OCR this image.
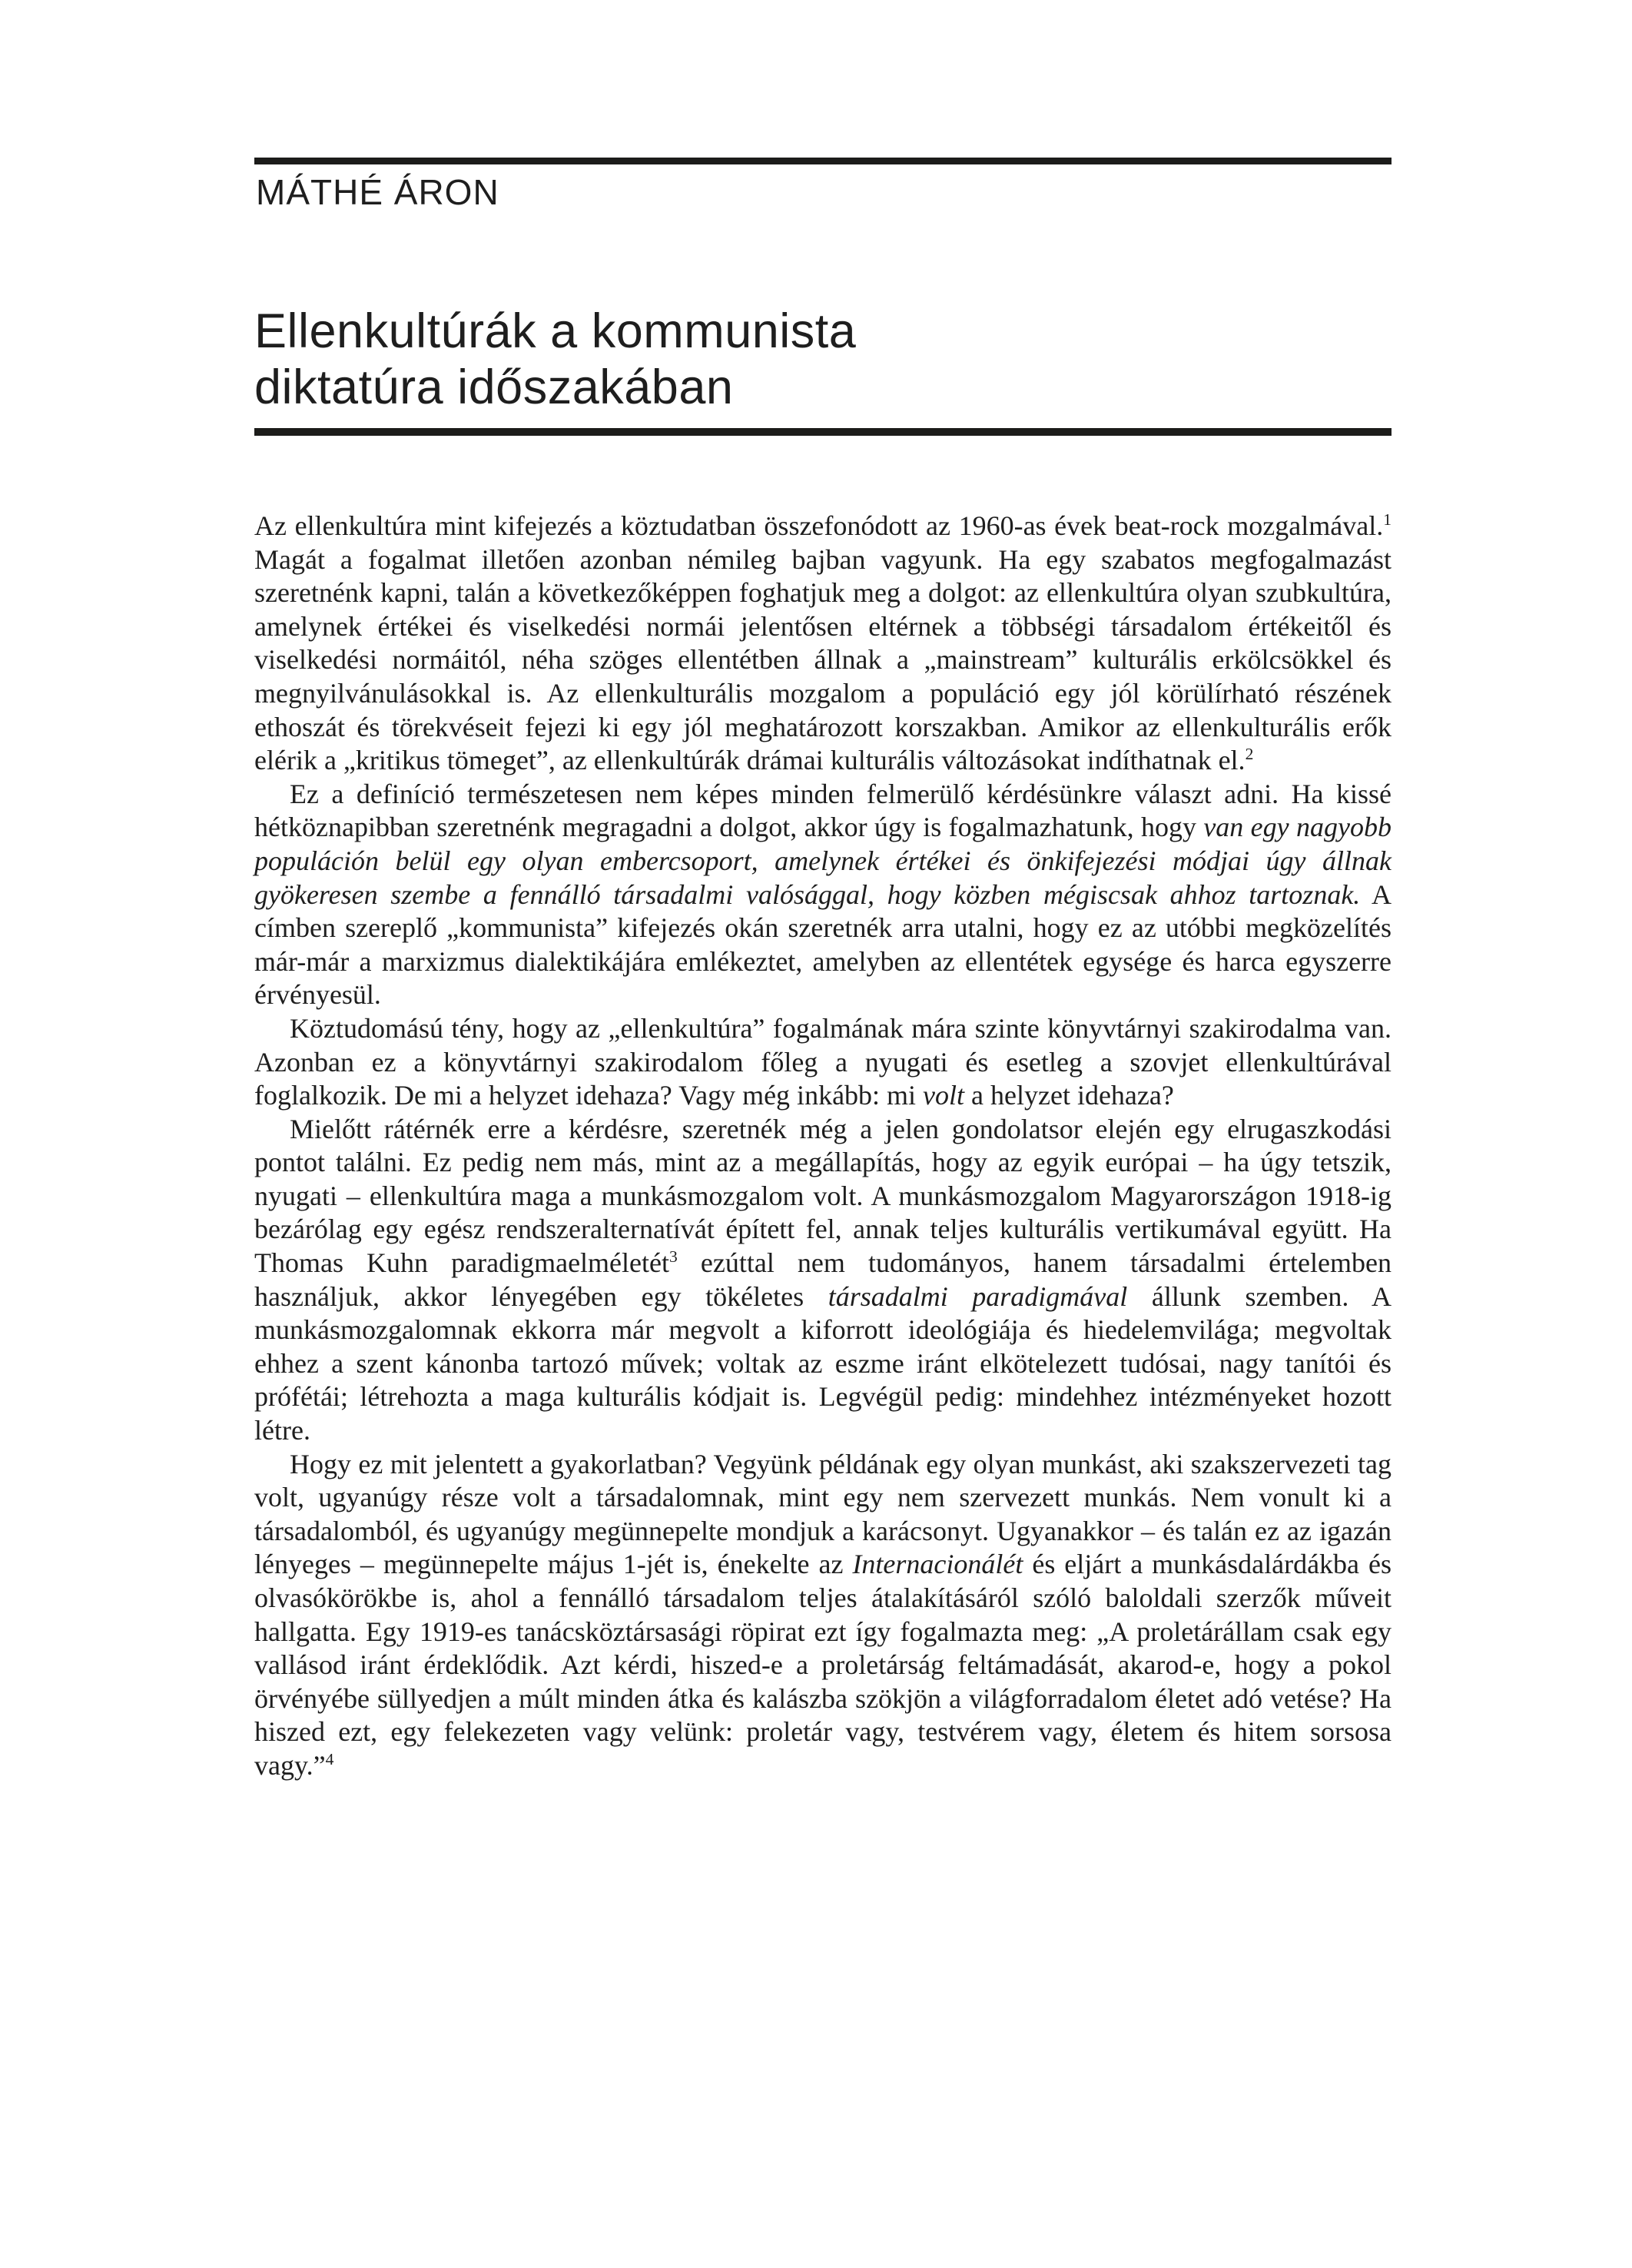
MÁTHÉ ÁRON
Ellenkultúrák a kommunista
diktatúra időszakában

Az ellenkultúra mint kifejezés a köztudatban összefonódott az 1960-as évek beat-rock mozgalmával.$^1$ Magát a fogalmat illetően azonban némileg bajban vagyunk. Ha egy szabatos megfogalmazást szeretnénk kapni, talán a következőképpen foghatjuk meg a dolgot: az ellenkultúra olyan szubkultúra, amelynek értékei és viselkedési normái jelentősen eltérnek a többségi társadalom értékeitől és viselkedési normáitól, néha szöges ellentétben állnak a „mainstream” kulturális erkölcsökkel és megnyilvánulásokkal is. Az ellenkulturális mozgalom a populáció egy jól körülírható részének ethoszát és törekvéseit fejezi ki egy jól meghatározott korszakban. Amikor az ellenkulturális erők elérik a „kritikus tömeget”, az ellenkultúrák drámai kulturális változásokat indíthatnak el.$^2$

Ez a definíció természetesen nem képes minden felmerülő kérdésünkre választ adni. Ha kissé hétköznapibban szeretnénk megragadni a dolgot, akkor úgy is fogalmazhatunk, hogy van egy nagyobb populáción belül egy olyan embercsoport, amelynek értékei és önkifejezési módjai úgy állnak gyökeresen szembe a fennálló társadalmi valósággal, hogy közben mégiscsak ahhoz tartoznak. A címben szereplő „kommunista” kifejezés okán szeretnék arra utalni, hogy ez az utóbbi megközelítés már-már a marxizmus dialektikájára emlékeztet, amelyben az ellentétek egysége és harca egyszerre érvényesül.

Köztudomású tény, hogy az „ellenkultúra” fogalmának mára szinte könyvtárnyi szakirodalma van. Azonban ez a könyvtárnyi szakirodalom főleg a nyugati és esetleg a szovjet ellenkultúrával foglalkozik. De mi a helyzet idehaza? Vagy még inkább: mi volt a helyzet idehaza?

Mielőtt rátérnék erre a kérdésre, szeretnék még a jelen gondolatsor elején egy elrugaszkodási pontot találni. Ez pedig nem más, mint az a megállapítás, hogy az egyik európai – ha úgy tetszik, nyugati – ellenkultúra maga a munkásmozgalom volt. A munkásmozgalom Magyarországon 1918-ig bezárólag egy egész rendszeralternatívát épített fel, annak teljes kulturális vertikumával együtt. Ha Thomas Kuhn paradigmaelméletét$^3$ ezúttal nem tudományos, hanem társadalmi értelemben használjuk, akkor lényegében egy tökéletes társadalmi paradigmával állunk szemben. A munkásmozgalomnak ekkorra már megvolt a kiforrott ideológiája és hiedelemvilága; megvoltak ehhez a szent kánonba tartozó művek; voltak az eszme iránt elkötelezett tudósai, nagy tanítói és prófétái; létrehozta a maga kulturális kódjait is. Legvégül pedig: mindehhez intézményeket hozott létre.

Hogy ez mit jelentett a gyakorlatban? Vegyünk példának egy olyan munkást, aki szakszervezeti tag volt, ugyanúgy része volt a társadalomnak, mint egy nem szervezett munkás. Nem vonult ki a társadalomból, és ugyanúgy megünnepelte mondjuk a karácsonyt. Ugyanakkor – és talán ez az igazán lényeges – megünnepelte május 1-jét is, énekelte az Internacionálét és eljárt a munkásdalárdákba és olvasókörökbe is, ahol a fennálló társadalom teljes átalakításáról szóló baloldali szerzők műveit hallgatta. Egy 1919-es tanácsköztársasági röpirat ezt így fogalmazta meg: „A proletárállam csak egy vallásod iránt érdeklődik. Azt kérdi, hiszed-e a proletárság feltámadását, akarod-e, hogy a pokol örvényébe süllyedjen a múlt minden átka és kalászba szökjön a világforradalom életet adó vetése? Ha hiszed ezt, egy felekezeten vagy velünk: proletár vagy, testvérem vagy, életem és hitem sorsosa vagy.”$^4$
